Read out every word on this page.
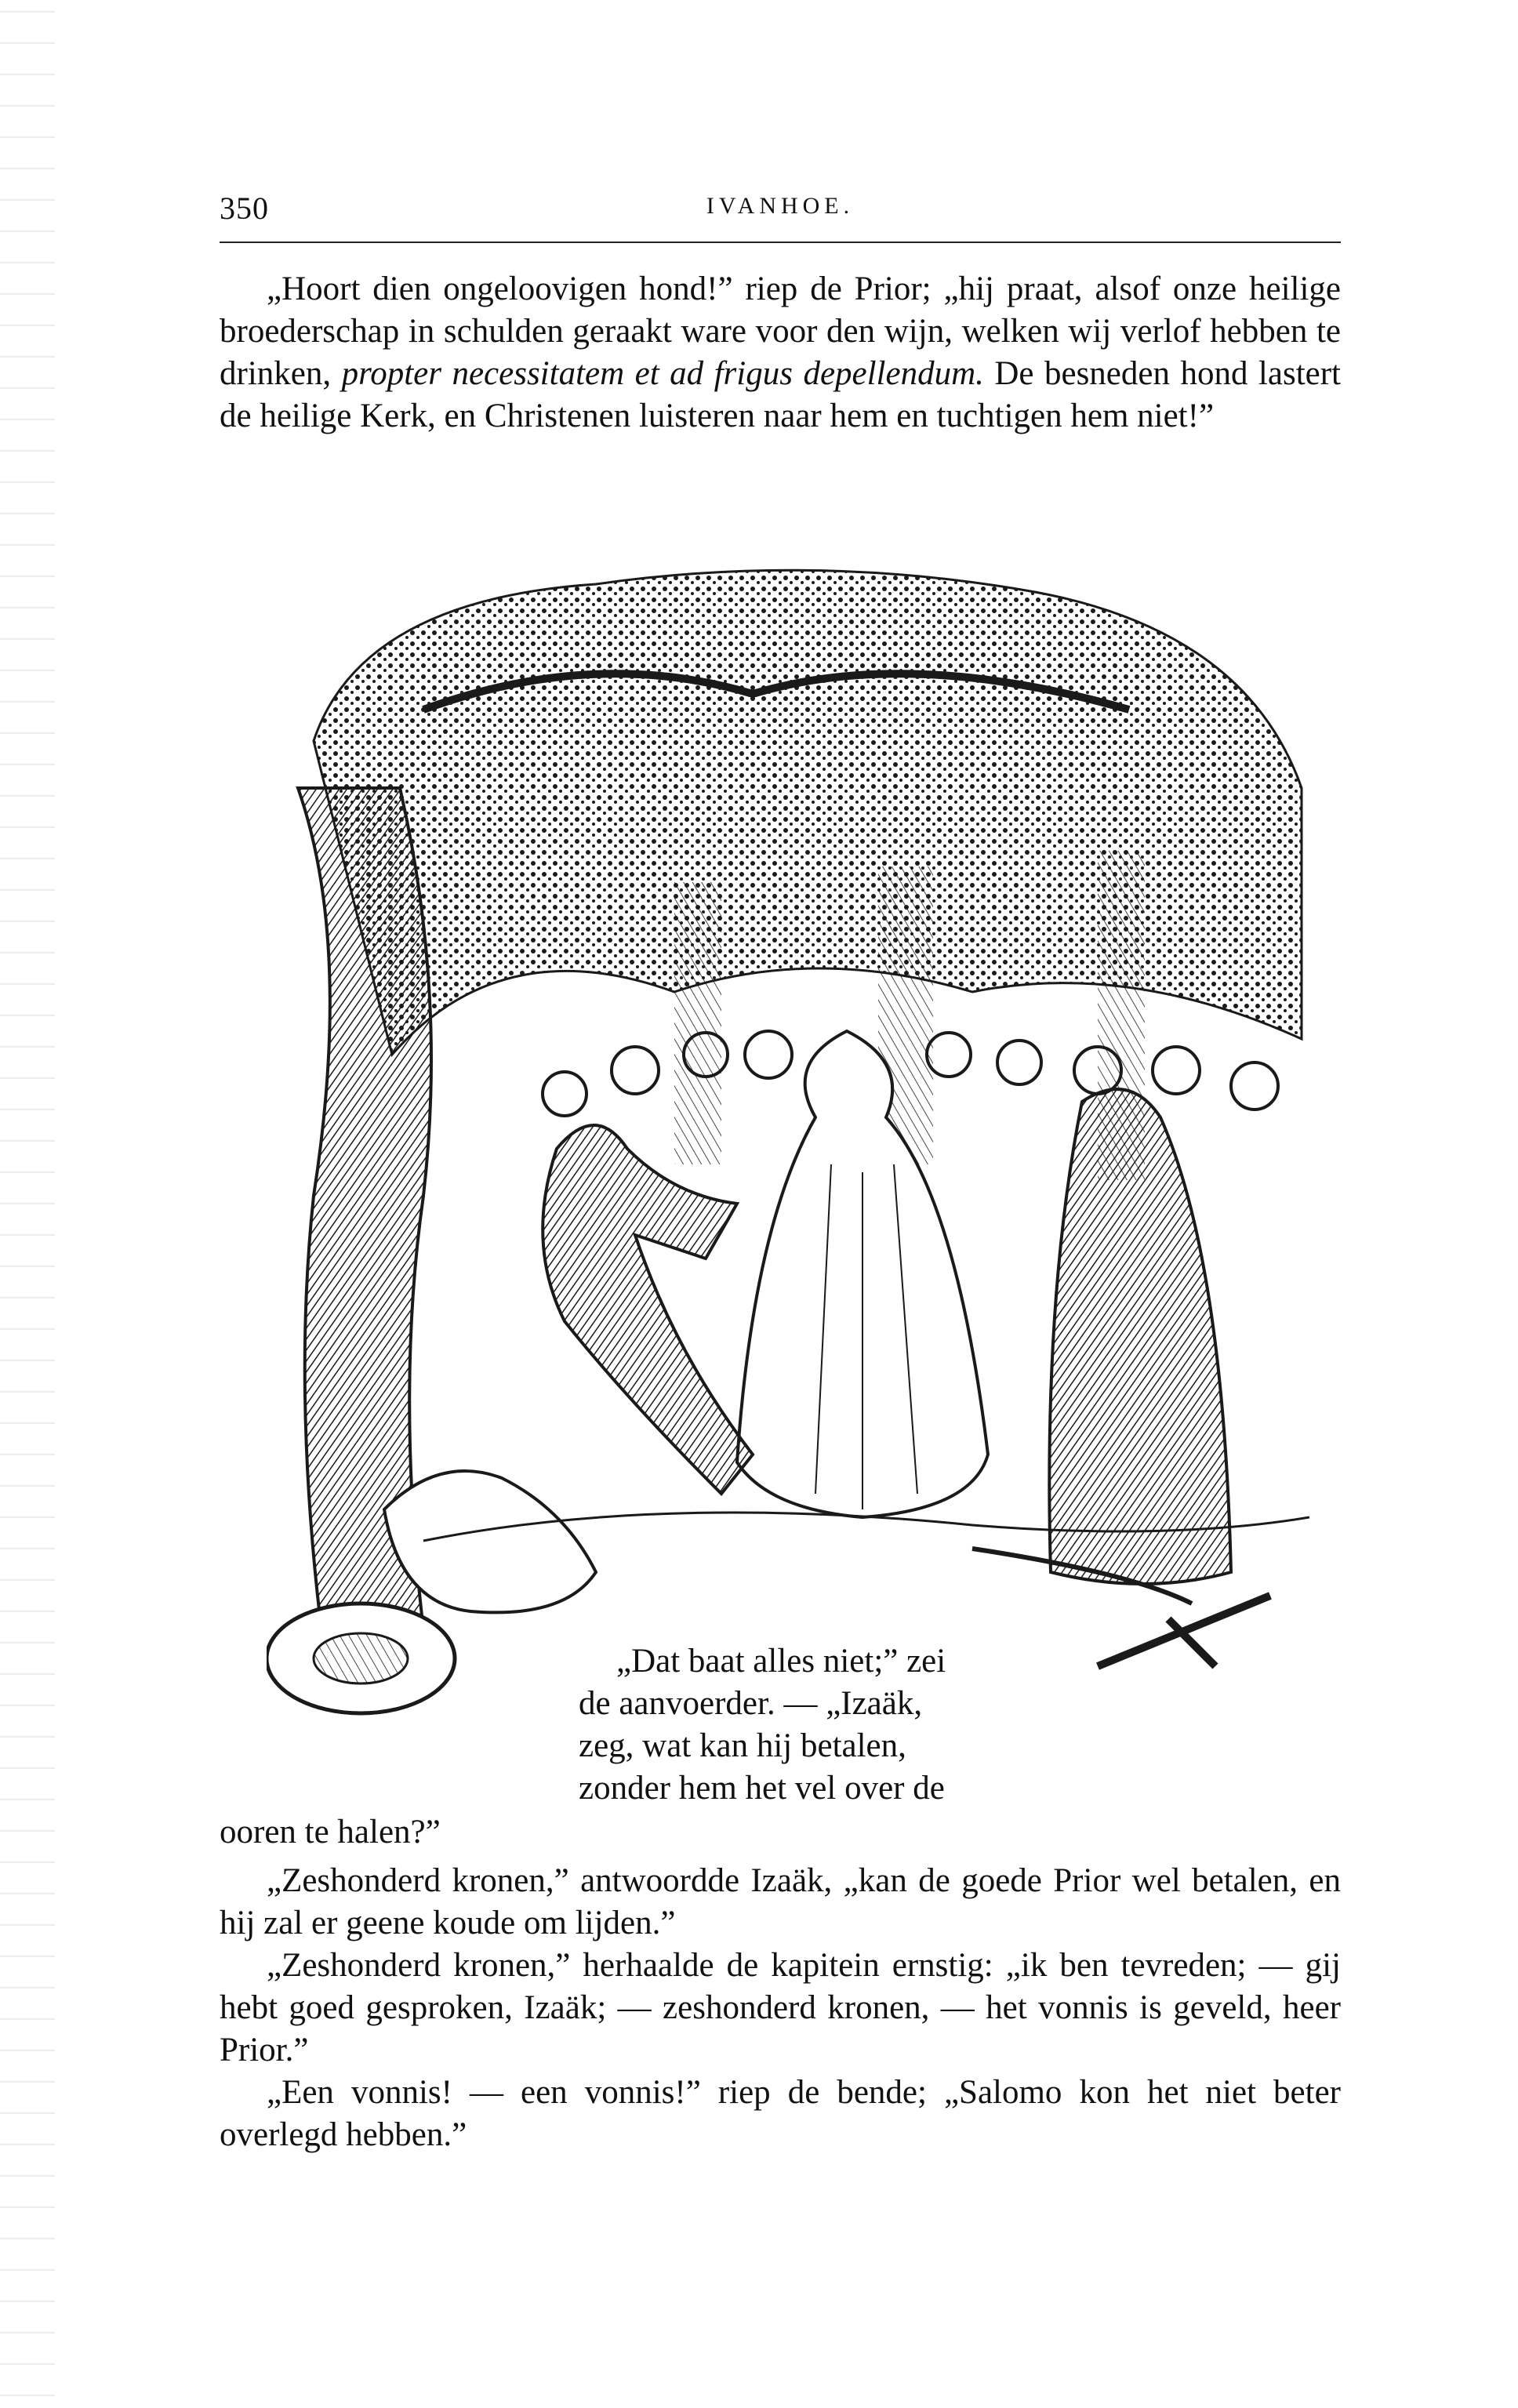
350	IVANHOE.

„Hoort dien ongeloovigen hond!” riep de Prior; „hij praat, alsof onze heilige broederschap in schulden geraakt ware voor den wijn, welken wij verlof hebben te drinken, propter necessitatem et ad frigus depellendum. De besneden hond lastert de heilige Kerk, en Christenen luisteren naar hem en tuchtigen hem niet!”

„Dat baat alles niet;” zei
de aanvoerder. — „Izaäk,
zeg, wat kan hij betalen,
zonder hem het vel over de

ooren te halen?”

„Zeshonderd kronen,” antwoordde Izaäk, „kan de goede Prior wel betalen, en hij zal er geene koude om lijden.”

„Zeshonderd kronen,” herhaalde de kapitein ernstig: „ik ben tevreden; — gij hebt goed gesproken, Izaäk; — zeshonderd kronen, — het vonnis is geveld, heer Prior.”

„Een vonnis! — een vonnis!” riep de bende; „Salomo kon het niet beter overlegd hebben.”
